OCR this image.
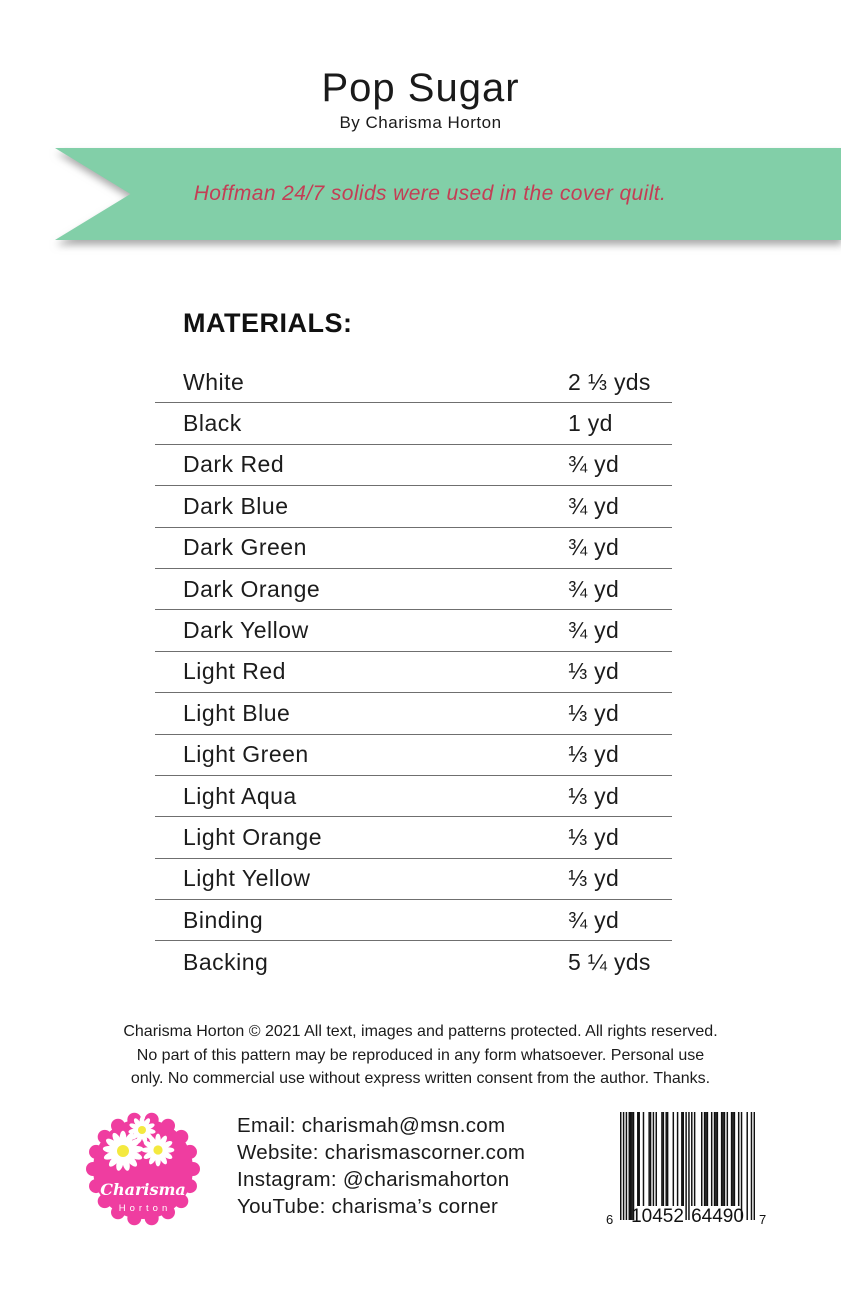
Pop Sugar
By Charisma Horton
Hoffman 24/7 solids were used in the cover quilt.
MATERIALS:
White	2 ⅓ yds
Black	1 yd
Dark Red	¾ yd
Dark Blue	¾ yd
Dark Green	¾ yd
Dark Orange	¾ yd
Dark Yellow	¾ yd
Light Red	⅓ yd
Light Blue	⅓ yd
Light Green	⅓ yd
Light Aqua	⅓ yd
Light Orange	⅓ yd
Light Yellow	⅓ yd
Binding	¾ yd
Backing	5 ¼ yds
Charisma Horton © 2021 All text, images and patterns protected. All rights reserved.
No part of this pattern may be reproduced in any form whatsoever. Personal use
only. No commercial use without express written consent from the author. Thanks.
Charisma
Horton
Email: charismah@msn.com
Website: charismascorner.com
Instagram: @charismahorton
YouTube: charisma’s corner
6 10452 64490 7
